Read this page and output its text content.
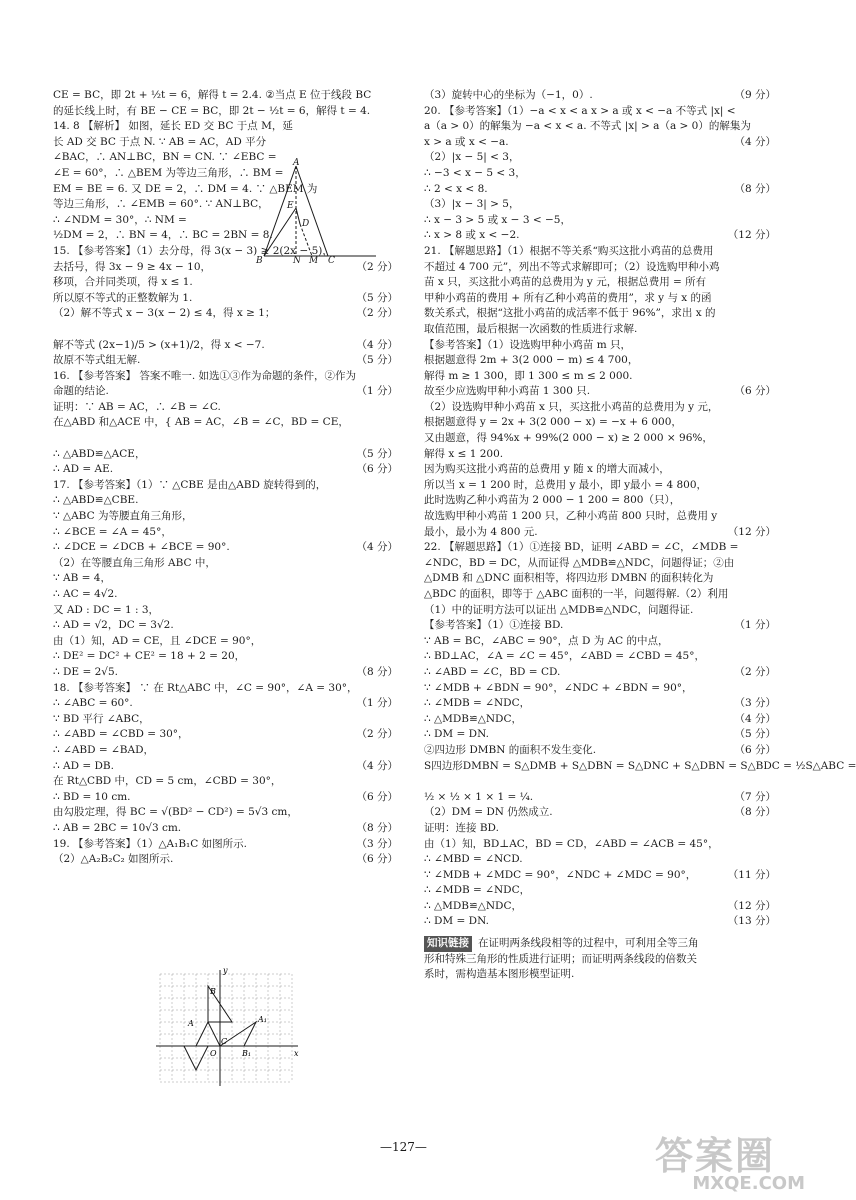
CE = BC，即 2t + ½t = 6，解得 t = 2.4. ②当点 E 位于线段 BC
的延长线上时，有 BE − CE = BC，即 2t − ½t = 6，解得 t = 4.
14. 8 【解析】 如图，延长 ED 交 BC 于点 M，延
长 AD 交 BC 于点 N. ∵ AB = AC，AD 平分
∠BAC，∴ AN⊥BC，BN = CN. ∵ ∠EBC =
∠E = 60°，∴ △BEM 为等边三角形，∴ BM =
EM = BE = 6. 又 DE = 2，∴ DM = 4. ∵ △BEM 为
等边三角形，∴ ∠EMB = 60°. ∵ AN⊥BC，
∴ ∠NDM = 30°，∴ NM =
½DM = 2，∴ BN = 4，∴ BC = 2BN = 8.
15. 【参考答案】（1）去分母，得 3(x − 3) ≥ 2(2x − 5)，
去括号，得 3x − 9 ≥ 4x − 10，	（2 分）
移项，合并同类项，得 x ≤ 1.
所以原不等式的正整数解为 1.	（5 分）
（2）解不等式 x − 3(x − 2) ≤ 4，得 x ≥ 1；	（2 分）
解不等式 (2x−1)/5 > (x+1)/2，得 x < −7.	（4 分）
故原不等式组无解.	（5 分）
16. 【参考答案】 答案不唯一. 如选①③作为命题的条件，②作为
命题的结论.	（1 分）
证明：∵ AB = AC，∴ ∠B = ∠C.
在△ABD 和△ACE 中，{ AB = AC，∠B = ∠C，BD = CE，
∴ △ABD≌△ACE，	（5 分）
∴ AD = AE.	（6 分）
17. 【参考答案】（1）∵ △CBE 是由△ABD 旋转得到的，
∴ △ABD≌△CBE.
∵ △ABC 为等腰直角三角形，
∴ ∠BCE = ∠A = 45°，
∴ ∠DCE = ∠DCB + ∠BCE = 90°.	（4 分）
（2）在等腰直角三角形 ABC 中，
∵ AB = 4，
∴ AC = 4√2.
又 AD : DC = 1 : 3，
∴ AD = √2，DC = 3√2.
由（1）知，AD = CE，且 ∠DCE = 90°，
∴ DE² = DC² + CE² = 18 + 2 = 20，
∴ DE = 2√5.	（8 分）
18. 【参考答案】 ∵ 在 Rt△ABC 中，∠C = 90°，∠A = 30°，
∴ ∠ABC = 60°.	（1 分）
∵ BD 平行 ∠ABC，
∴ ∠ABD = ∠CBD = 30°，	（2 分）
∴ ∠ABD = ∠BAD，
∴ AD = DB.	（4 分）
在 Rt△CBD 中，CD = 5 cm，∠CBD = 30°，
∴ BD = 10 cm.	（6 分）
由勾股定理，得 BC = √(BD² − CD²) = 5√3 cm，
∴ AB = 2BC = 10√3 cm.	（8 分）
19. 【参考答案】（1）△A₁B₁C 如图所示.	（3 分）
（2）△A₂B₂C₂ 如图所示.	（6 分）
（3）旋转中心的坐标为（−1，0）.	（9 分）
20. 【参考答案】（1）−a < x < a x > a 或 x < −a 不等式 |x| <
a（a > 0）的解集为 −a < x < a. 不等式 |x| > a（a > 0）的解集为
x > a 或 x < −a.	（4 分）
（2）|x − 5| < 3，
∴ −3 < x − 5 < 3，
∴ 2 < x < 8.	（8 分）
（3）|x − 3| > 5，
∴ x − 3 > 5 或 x − 3 < −5，
∴ x > 8 或 x < −2.	（12 分）
21. 【解题思路】（1）根据不等关系“购买这批小鸡苗的总费用
不超过 4 700 元”，列出不等式求解即可；（2）设选购甲种小鸡
苗 x 只，买这批小鸡苗的总费用为 y 元，根据总费用 = 所有
甲种小鸡苗的费用 + 所有乙种小鸡苗的费用”，求 y 与 x 的函
数关系式，根据“这批小鸡苗的成活率不低于 96%”，求出 x 的
取值范围，最后根据一次函数的性质进行求解.
【参考答案】（1）设选购甲种小鸡苗 m 只，
根据题意得 2m + 3(2 000 − m) ≤ 4 700，
解得 m ≥ 1 300，即 1 300 ≤ m ≤ 2 000.
故至少应选购甲种小鸡苗 1 300 只.	（6 分）
（2）设选购甲种小鸡苗 x 只，买这批小鸡苗的总费用为 y 元，
根据题意得 y = 2x + 3(2 000 − x) = −x + 6 000，
又由题意，得 94%x + 99%(2 000 − x) ≥ 2 000 × 96%，
解得 x ≤ 1 200.
因为购买这批小鸡苗的总费用 y 随 x 的增大而减小，
所以当 x = 1 200 时，总费用 y 最小，即 y最小 = 4 800，
此时选购乙种小鸡苗为 2 000 − 1 200 = 800（只），
故选购甲种小鸡苗 1 200 只，乙种小鸡苗 800 只时，总费用 y
最小，最小为 4 800 元.	（12 分）
22. 【解题思路】（1）①连接 BD，证明 ∠ABD = ∠C，∠MDB =
∠NDC，BD = DC，从而证得 △MDB≌△NDC，问题得证；②由
△DMB 和 △DNC 面积相等，将四边形 DMBN 的面积转化为
△BDC 的面积，即等于 △ABC 面积的一半，问题得解.（2）利用
（1）中的证明方法可以证出 △MDB≌△NDC，问题得证.
【参考答案】（1）①连接 BD.	（1 分）
∵ AB = BC，∠ABC = 90°，点 D 为 AC 的中点，
∴ BD⊥AC，∠A = ∠C = 45°，∠ABD = ∠CBD = 45°，
∴ ∠ABD = ∠C，BD = CD.	（2 分）
∵ ∠MDB + ∠BDN = 90°，∠NDC + ∠BDN = 90°，
∴ ∠MDB = ∠NDC，	（3 分）
∴ △MDB≌△NDC，	（4 分）
∴ DM = DN.	（5 分）
②四边形 DMBN 的面积不发生变化.	（6 分）
S四边形DMBN = S△DMB + S△DBN = S△DNC + S△DBN = S△BDC = ½S△ABC =
½ × ½ × 1 × 1 = ¼.	（7 分）
（2）DM = DN 仍然成立.	（8 分）
证明：连接 BD.
由（1）知，BD⊥AC，BD = CD，∠ABD = ∠ACB = 45°，
∴ ∠MBD = ∠NCD.
∵ ∠MDB + ∠MDC = 90°，∠NDC + ∠MDC = 90°，	（11 分）
∴ ∠MDB = ∠NDC，
∴ △MDB≌△NDC，	（12 分）
∴ DM = DN.	（13 分）
知识链接 在证明两条线段相等的过程中，可利用全等三角
形和特殊三角形的性质进行证明；而证明两条线段的倍数关
系时，需构造基本图形模型证明.
A
E
D
B	N M C
y
x
O
B
A
C
B₁
A₁
—127—	答案圈
MXQE.COM
